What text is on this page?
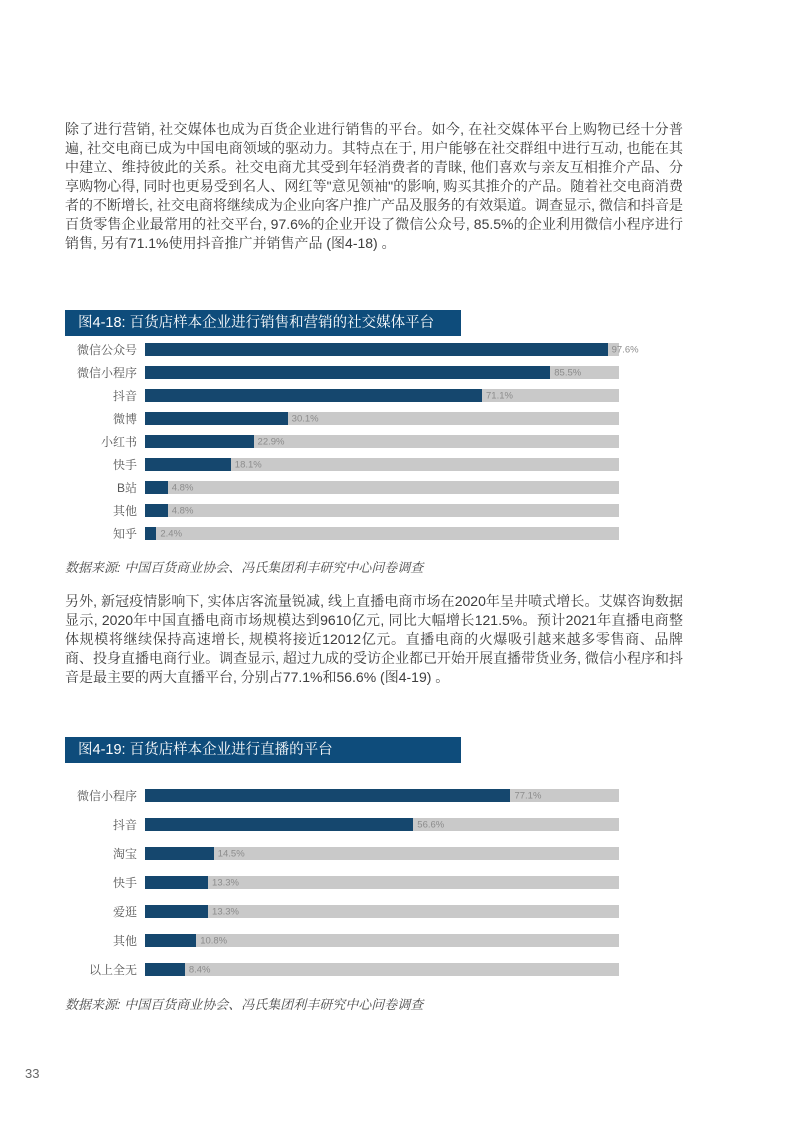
除了进行营销, 社交媒体也成为百货企业进行销售的平台。如今, 在社交媒体平台上购物已经十分普遍, 社交电商已成为中国电商领域的驱动力。其特点在于, 用户能够在社交群组中进行互动, 也能在其中建立、维持彼此的关系。社交电商尤其受到年轻消费者的青睐, 他们喜欢与亲友互相推介产品、分享购物心得, 同时也更易受到名人、网红等"意见领袖"的影响, 购买其推介的产品。随着社交电商消费者的不断增长, 社交电商将继续成为企业向客户推广产品及服务的有效渠道。调查显示, 微信和抖音是百货零售企业最常用的社交平台, 97.6%的企业开设了微信公众号, 85.5%的企业利用微信小程序进行销售, 另有71.1%使用抖音推广并销售产品 (图4-18) 。

图4-18: 百货店样本企业进行销售和营销的社交媒体平台
微信公众号	97.6%
微信小程序	85.5%
抖音	71.1%
微博	30.1%
小红书	22.9%
快手	18.1%
B站	4.8%
其他	4.8%
知乎	2.4%

数据来源: 中国百货商业协会、冯氏集团利丰研究中心问卷调查

另外, 新冠疫情影响下, 实体店客流量锐减, 线上直播电商市场在2020年呈井喷式增长。艾媒咨询数据显示, 2020年中国直播电商市场规模达到9610亿元, 同比大幅增长121.5%。预计2021年直播电商整体规模将继续保持高速增长, 规模将接近12012亿元。直播电商的火爆吸引越来越多零售商、品牌商、投身直播电商行业。调查显示, 超过九成的受访企业都已开始开展直播带货业务, 微信小程序和抖音是最主要的两大直播平台, 分别占77.1%和56.6% (图4-19) 。

图4-19: 百货店样本企业进行直播的平台
微信小程序	77.1%
抖音	56.6%
淘宝	14.5%
快手	13.3%
爱逛	13.3%
其他	10.8%
以上全无	8.4%

数据来源: 中国百货商业协会、冯氏集团利丰研究中心问卷调查

33
